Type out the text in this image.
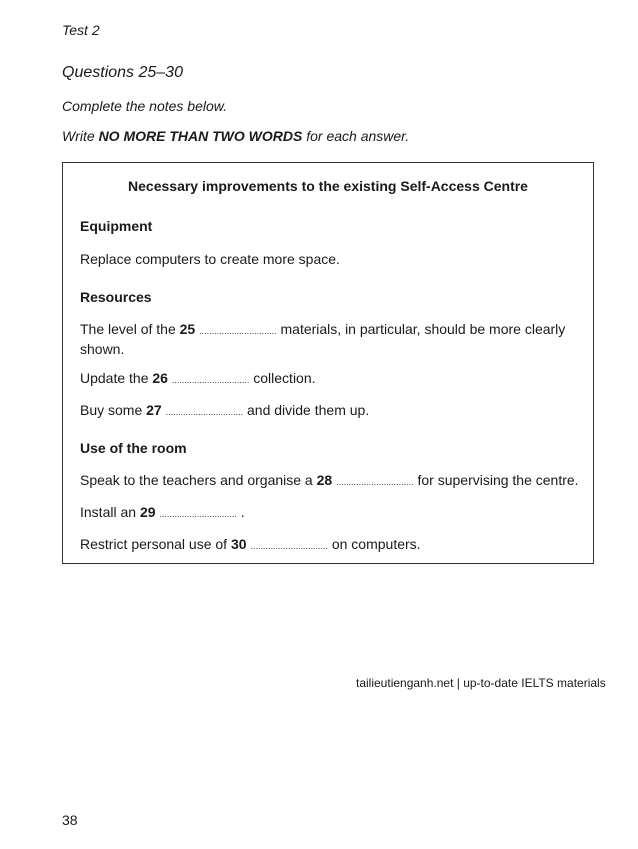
Test 2
Questions 25–30
Complete the notes below.
Write NO MORE THAN TWO WORDS for each answer.
Necessary improvements to the existing Self-Access Centre
Equipment
Replace computers to create more space.
Resources
The level of the 25 ............................... materials, in particular, should be more clearly shown.
Update the 26 ............................... collection.
Buy some 27 ............................... and divide them up.
Use of the room
Speak to the teachers and organise a 28 ............................... for supervising the centre.
Install an 29 ............................... .
Restrict personal use of 30 ............................... on computers.
tailieutienganh.net | up-to-date IELTS materials
38
